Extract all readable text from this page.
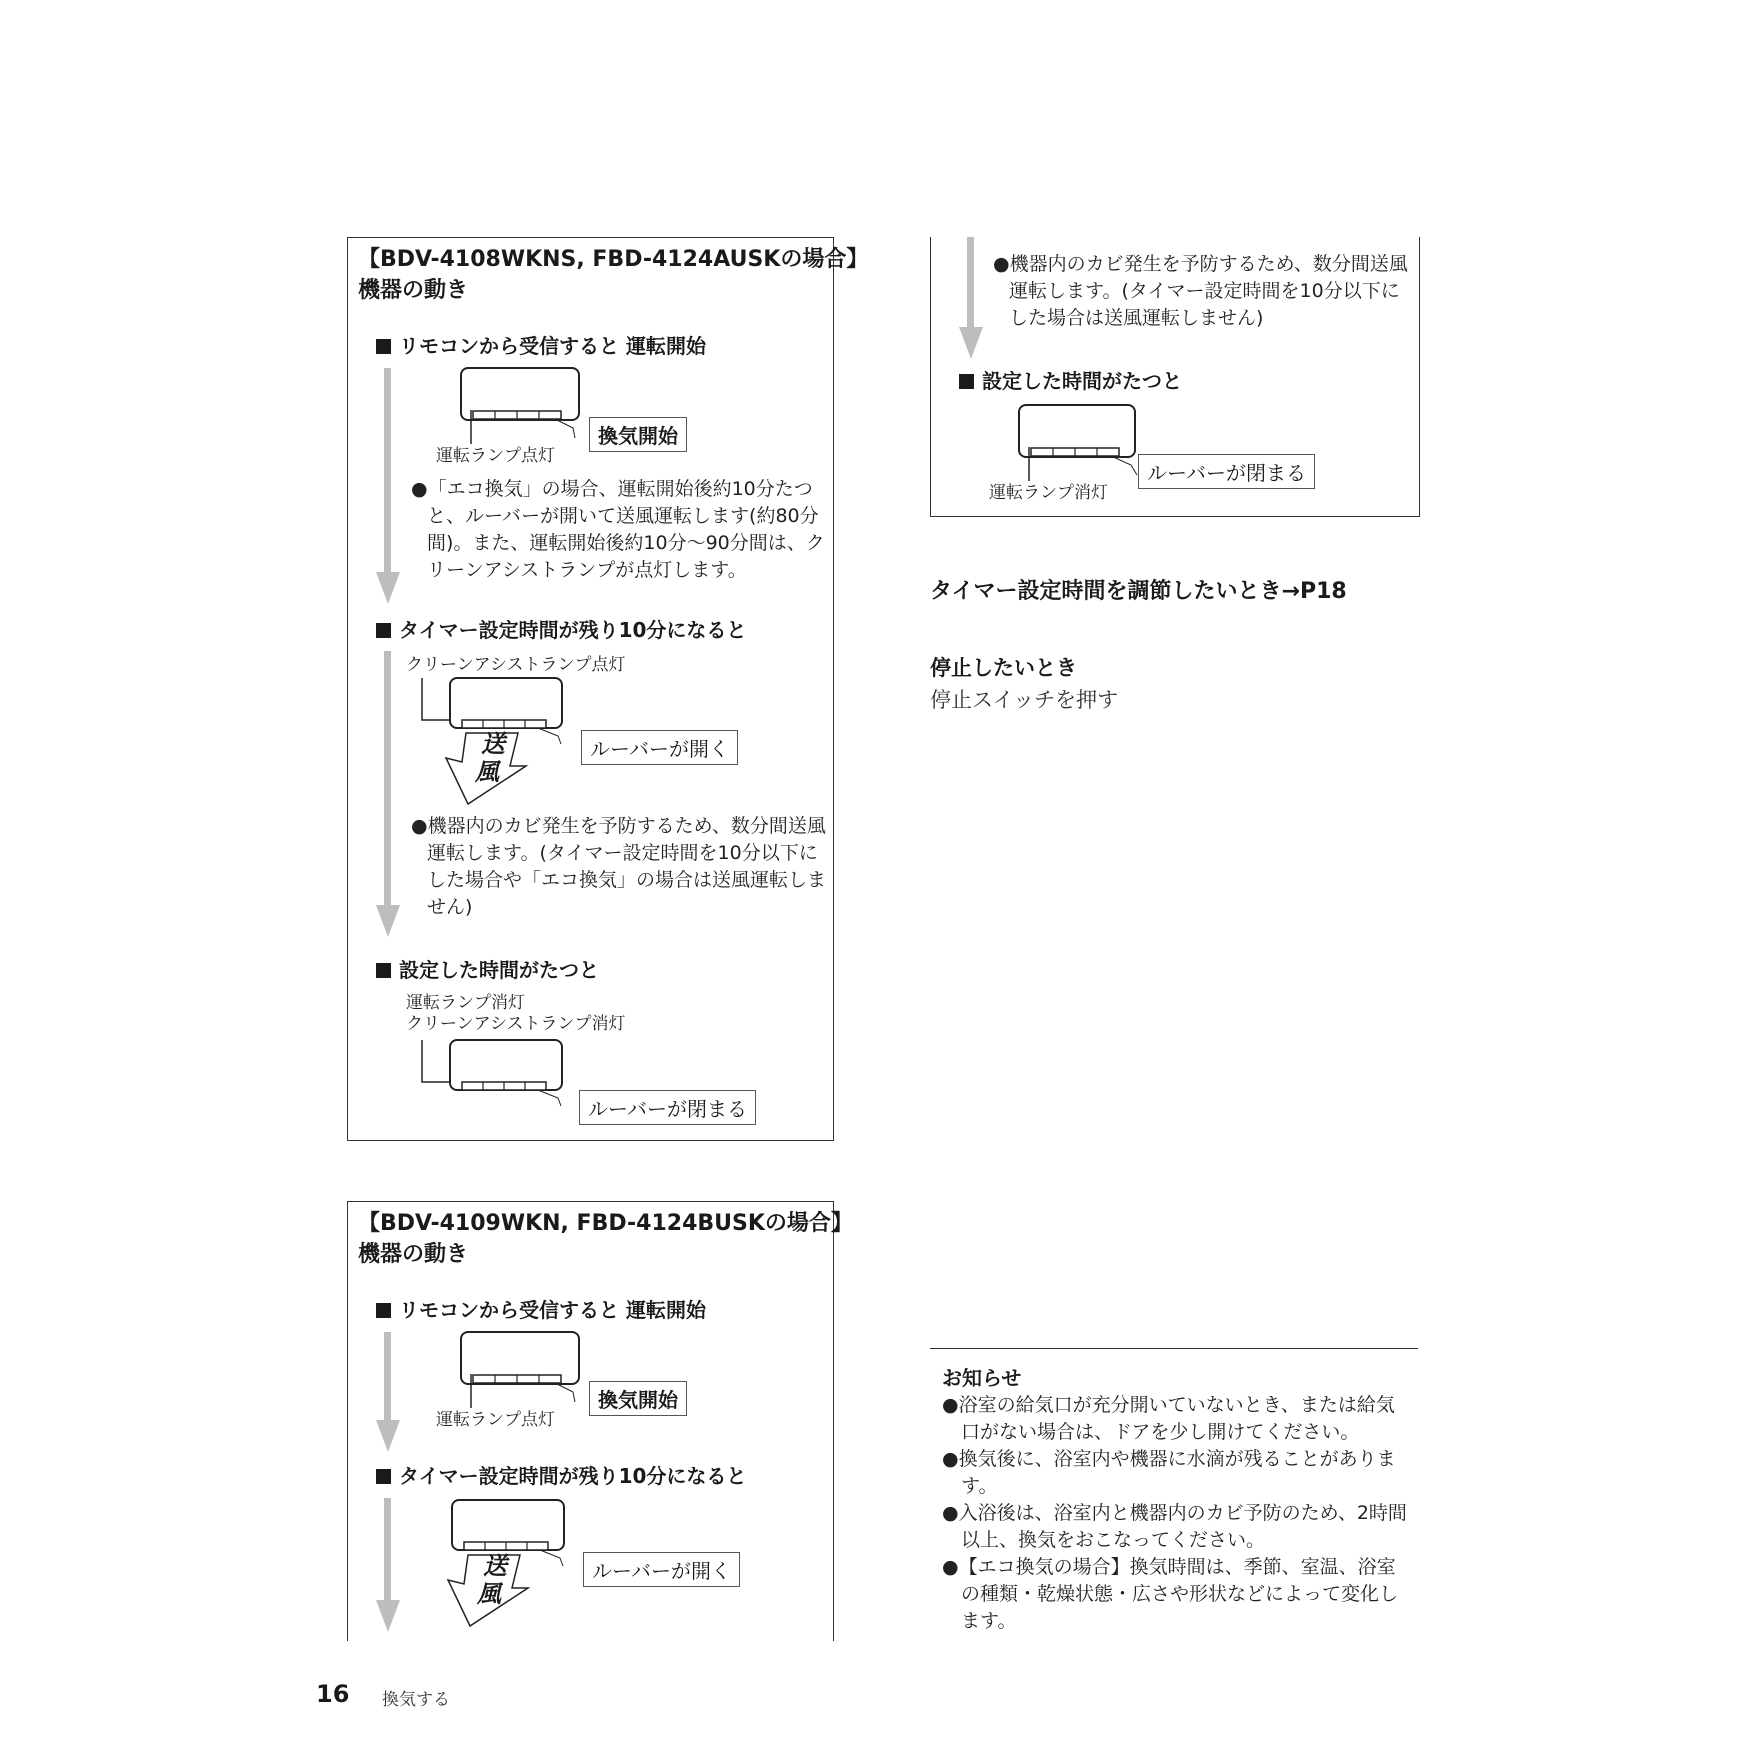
【BDV-4108WKNS, FBD-4124AUSKの場合】
機器の動き
リモコンから受信すると 運転開始
運転ランプ点灯
換気開始
●「エコ換気」の場合、運転開始後約10分たつと、ルーバーが開いて送風運転します(約80分間)。また、運転開始後約10分〜90分間は、クリーンアシストランプが点灯します。
タイマー設定時間が残り10分になると
クリーンアシストランプ点灯
送
風
ルーバーが開く
●機器内のカビ発生を予防するため、数分間送風運転します。(タイマー設定時間を10分以下にした場合や「エコ換気」の場合は送風運転しません)
設定した時間がたつと
運転ランプ消灯
クリーンアシストランプ消灯
ルーバーが閉まる
【BDV-4109WKN, FBD-4124BUSKの場合】
機器の動き
リモコンから受信すると 運転開始
運転ランプ点灯
換気開始
タイマー設定時間が残り10分になると
送
風
ルーバーが開く
●機器内のカビ発生を予防するため、数分間送風運転します。(タイマー設定時間を10分以下にした場合は送風運転しません)
設定した時間がたつと
運転ランプ消灯
ルーバーが閉まる
タイマー設定時間を調節したいとき→P18
停止したいとき
停止スイッチを押す
お知らせ
●浴室の給気口が充分開いていないとき、または給気口がない場合は、ドアを少し開けてください。
●換気後に、浴室内や機器に水滴が残ることがあります。
●入浴後は、浴室内と機器内のカビ予防のため、2時間以上、換気をおこなってください。
●【エコ換気の場合】換気時間は、季節、室温、浴室の種類・乾燥状態・広さや形状などによって変化します。
16 換気する
